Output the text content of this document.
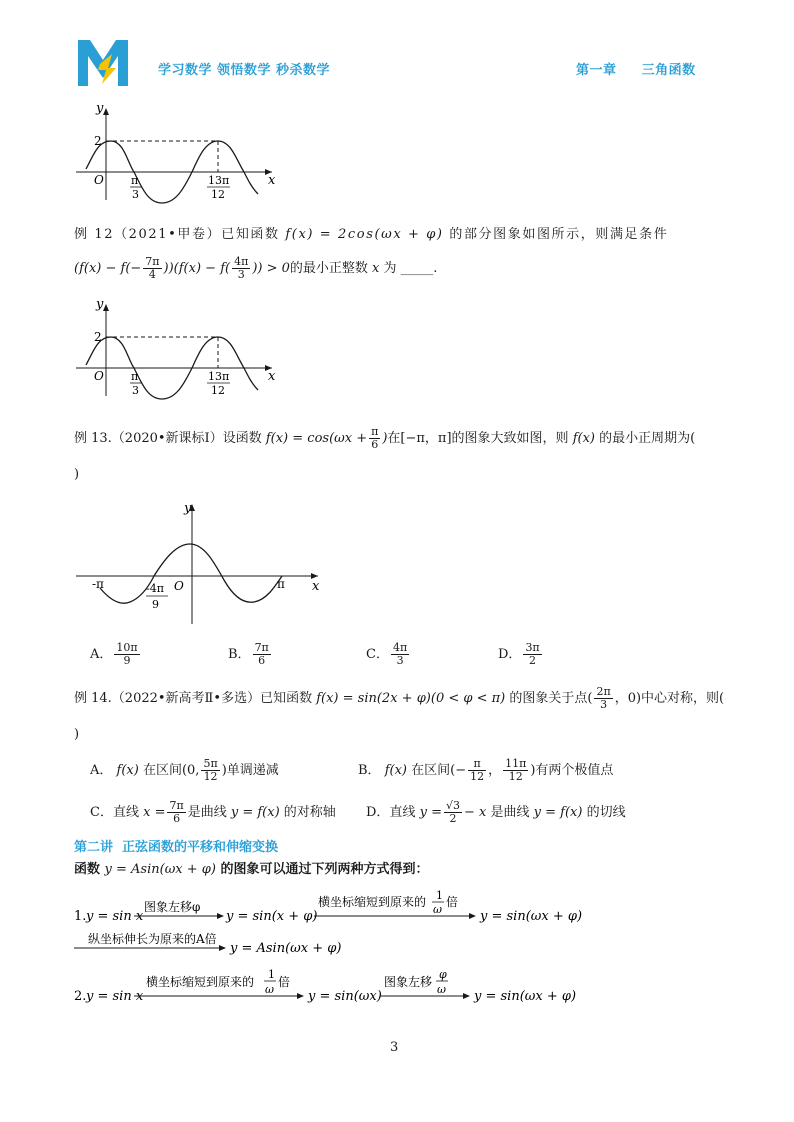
学习数学 领悟数学 秒杀数学	第一章     三角函数
y
x
2
O π
3
13π
12
例 12（2021•甲卷）已知函数 f(x) = 2cos(ωx + φ) 的部分图象如图所示，则满足条件
$(f(x) - f(- \frac{7\pi}{4} ))(f(x) - f( \frac{4\pi}{3}$ )) > 0的最小正整数 x 为 _____.
y
x
2
O π
3
13π
12
例 13.（2020•新课标Ⅰ）设函数 $f(x) = \cos(\omega x + \frac{\pi}{6}$ )在[−π，π]的图象大致如图，则 f(x) 的最小正周期为(
)
y
x
O
-π	π
-4π
9
A． $\frac{10\pi}{9}$	B． $\frac{7\pi}{6}$	C． $\frac{4\pi}{3}$	D． $\frac{3\pi}{2}$
例 14.（2022•新高考Ⅱ•多选）已知函数 f(x) = sin(2x + φ)(0 < φ < π) 的图象关于点( $\frac{2\pi}{3}$ ，0)中心对称，则(
)
A． f(x) 在区间(0, $\frac{5\pi}{12}$ )单调递减	B． f(x) 在区间(− $\frac{\pi}{12}$ ， $\frac{11\pi}{12}$ )有两个极值点
C．直线 $x = \frac{7\pi}{6}$ 是曲线 y = f(x) 的对称轴 D．直线 $y = \frac{√3}{2} - x$ 是曲线 y = f(x) 的切线
第二讲  正弦函数的平移和伸缩变换
函数 y = Asin(ωx + φ) 的图象可以通过下列两种方式得到：
1. y = sin x
图象左移φ
y = sin(x + φ)
横坐标缩短到原来的 1
ω
倍
y = sin(ωx + φ)
纵坐标伸长为原来的A倍
y = Asin(ωx + φ)
2. y = sin x
横坐标缩短到原来的
1
ω
倍
y = sin(ωx)
图象左移
φ
ω y = sin(ωx + φ)
3
